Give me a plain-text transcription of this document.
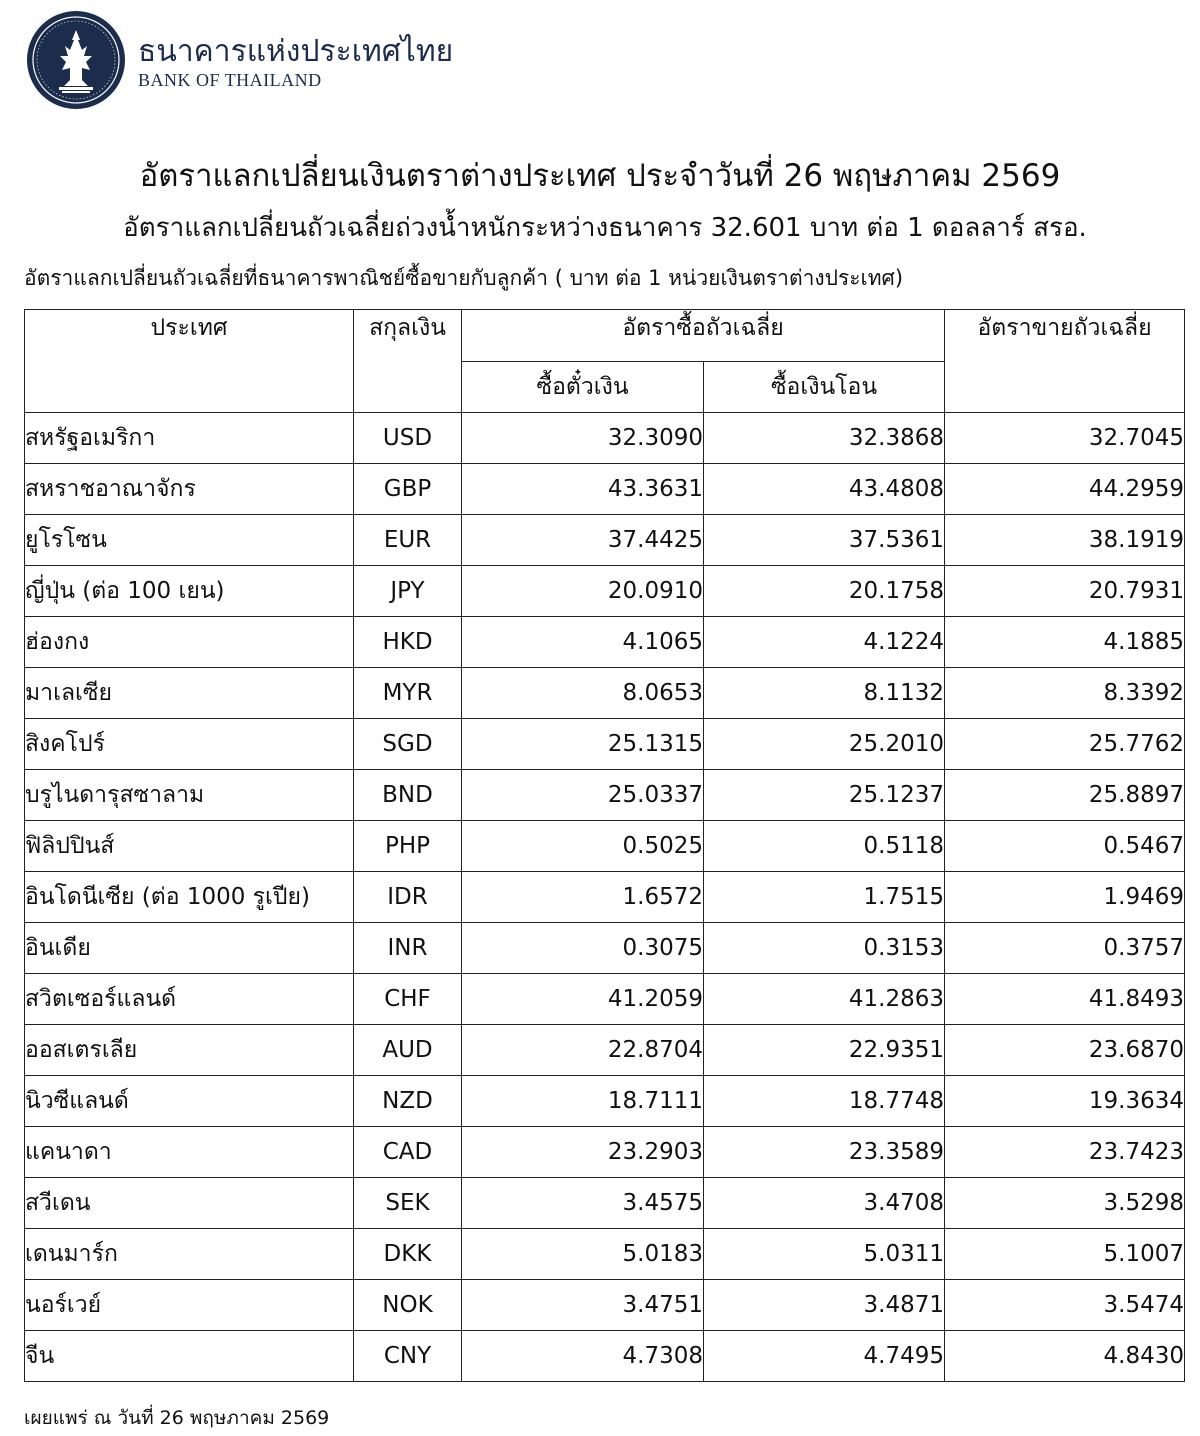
ธนาคารแห่งประเทศไทย
BANK OF THAILAND
อัตราแลกเปลี่ยนเงินตราต่างประเทศ ประจำวันที่ 26 พฤษภาคม 2569
อัตราแลกเปลี่ยนถัวเฉลี่ยถ่วงน้ำหนักระหว่างธนาคาร 32.601 บาท ต่อ 1 ดอลลาร์ สรอ.
อัตราแลกเปลี่ยนถัวเฉลี่ยที่ธนาคารพาณิชย์ซื้อขายกับลูกค้า ( บาท ต่อ 1 หน่วยเงินตราต่างประเทศ)
ประเทศ	สกุลเงิน	อัตราซื้อถัวเฉลี่ย		อัตราขายถัวเฉลี่ย
		ซื้อตั๋วเงิน	ซื้อเงินโอน	
สหรัฐอเมริกา	USD	32.3090	32.3868	32.7045
สหราชอาณาจักร	GBP	43.3631	43.4808	44.2959
ยูโรโซน	EUR	37.4425	37.5361	38.1919
ญี่ปุ่น (ต่อ 100 เยน)	JPY	20.0910	20.1758	20.7931
ฮ่องกง	HKD	4.1065	4.1224	4.1885
มาเลเซีย	MYR	8.0653	8.1132	8.3392
สิงคโปร์	SGD	25.1315	25.2010	25.7762
บรูไนดารุสซาลาม	BND	25.0337	25.1237	25.8897
ฟิลิปปินส์	PHP	0.5025	0.5118	0.5467
อินโดนีเซีย (ต่อ 1000 รูเปีย)	IDR	1.6572	1.7515	1.9469
อินเดีย	INR	0.3075	0.3153	0.3757
สวิตเซอร์แลนด์	CHF	41.2059	41.2863	41.8493
ออสเตรเลีย	AUD	22.8704	22.9351	23.6870
นิวซีแลนด์	NZD	18.7111	18.7748	19.3634
แคนาดา	CAD	23.2903	23.3589	23.7423
สวีเดน	SEK	3.4575	3.4708	3.5298
เดนมาร์ก	DKK	5.0183	5.0311	5.1007
นอร์เวย์	NOK	3.4751	3.4871	3.5474
จีน	CNY	4.7308	4.7495	4.8430
เผยแพร่ ณ วันที่ 26 พฤษภาคม 2569
